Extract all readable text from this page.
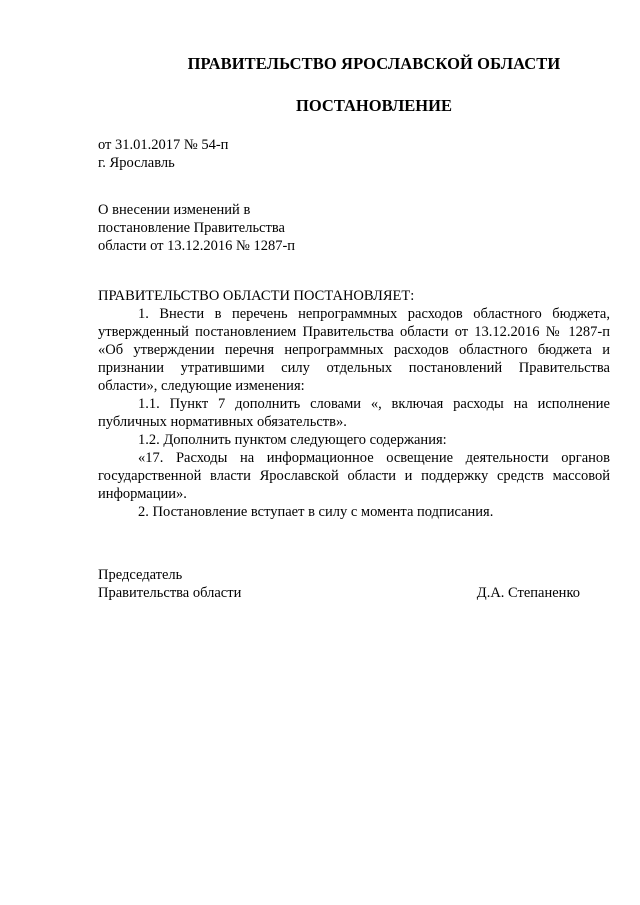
ПРАВИТЕЛЬСТВО ЯРОСЛАВСКОЙ ОБЛАСТИ
ПОСТАНОВЛЕНИЕ
от 31.01.2017 № 54-п
г. Ярославль
О внесении изменений в
постановление Правительства
области от 13.12.2016 № 1287-п
ПРАВИТЕЛЬСТВО ОБЛАСТИ ПОСТАНОВЛЯЕТ:
1. Внести в перечень непрограммных расходов областного бюджета,
утвержденный постановлением Правительства области от 13.12.2016 № 1287-п
«Об утверждении перечня непрограммных расходов областного бюджета и
признании утратившими силу отдельных постановлений Правительства
области», следующие изменения:
1.1. Пункт 7 дополнить словами «, включая расходы на исполнение
публичных нормативных обязательств».
1.2. Дополнить пунктом следующего содержания:
«17. Расходы на информационное освещение деятельности органов
государственной власти Ярославской области и поддержку средств массовой
информации».
2. Постановление вступает в силу с момента подписания.
Председатель
Правительства области	Д.А. Степаненко
